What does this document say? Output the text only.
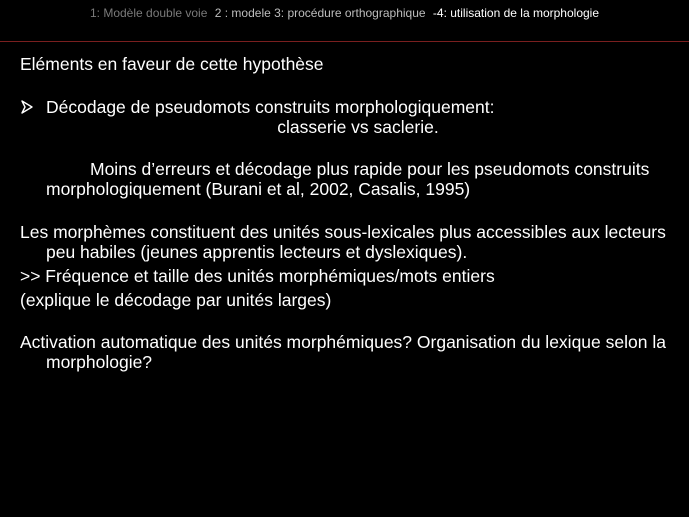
1: Modèle double voie 2 : modele 3: procédure orthographique -4: utilisation de la morphologie

Eléments en faveur de cette hypothèse

Décodage de pseudomots construits morphologiquement:

classerie vs saclerie.

Moins d’erreurs et décodage plus rapide pour les pseudomots construits morphologiquement (Burani et al, 2002, Casalis, 1995)

Les morphèmes constituent des unités sous-lexicales plus accessibles aux lecteurs peu habiles (jeunes apprentis lecteurs et dyslexiques).

>> Fréquence et taille des unités morphémiques/mots entiers

(explique le décodage par unités larges)

Activation automatique des unités morphémiques? Organisation du lexique selon la morphologie?
